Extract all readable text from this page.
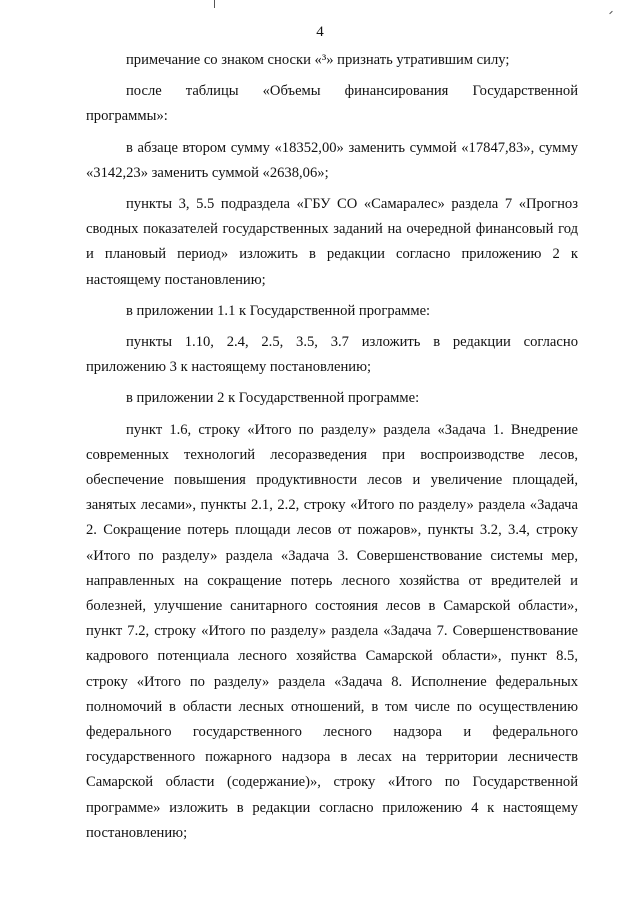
4

примечание со знаком сноски «³» признать утратившим силу;

после таблицы «Объемы финансирования Государственной программы»:

в абзаце втором сумму «18352,00» заменить суммой «17847,83», сумму «3142,23» заменить суммой «2638,06»;

пункты 3, 5.5 подраздела «ГБУ СО «Самаралес» раздела 7 «Прогноз сводных показателей государственных заданий на очередной финансовый год и плановый период» изложить в редакции согласно приложению 2 к настоящему постановлению;

в приложении 1.1 к Государственной программе:

пункты 1.10, 2.4, 2.5, 3.5, 3.7 изложить в редакции согласно приложению 3 к настоящему постановлению;

в приложении 2 к Государственной программе:

пункт 1.6, строку «Итого по разделу» раздела «Задача 1. Внедрение современных технологий лесоразведения при воспроизводстве лесов, обеспечение повышения продуктивности лесов и увеличение площадей, занятых лесами», пункты 2.1, 2.2, строку «Итого по разделу» раздела «Задача 2. Сокращение потерь площади лесов от пожаров», пункты 3.2, 3.4, строку «Итого по разделу» раздела «Задача 3. Совершенствование системы мер, направленных на сокращение потерь лесного хозяйства от вредителей и болезней, улучшение санитарного состояния лесов в Самарской области», пункт 7.2, строку «Итого по разделу» раздела «Задача 7. Совершенствование кадрового потенциала лесного хозяйства Самарской области», пункт 8.5, строку «Итого по разделу» раздела «Задача 8. Исполнение федеральных полномочий в области лесных отношений, в том числе по осуществлению федерального государственного лесного надзора и федерального государственного пожарного надзора в лесах на территории лесничеств Самарской области (содержание)», строку «Итого по Государственной программе» изложить в редакции согласно приложению 4 к настоящему постановлению;
